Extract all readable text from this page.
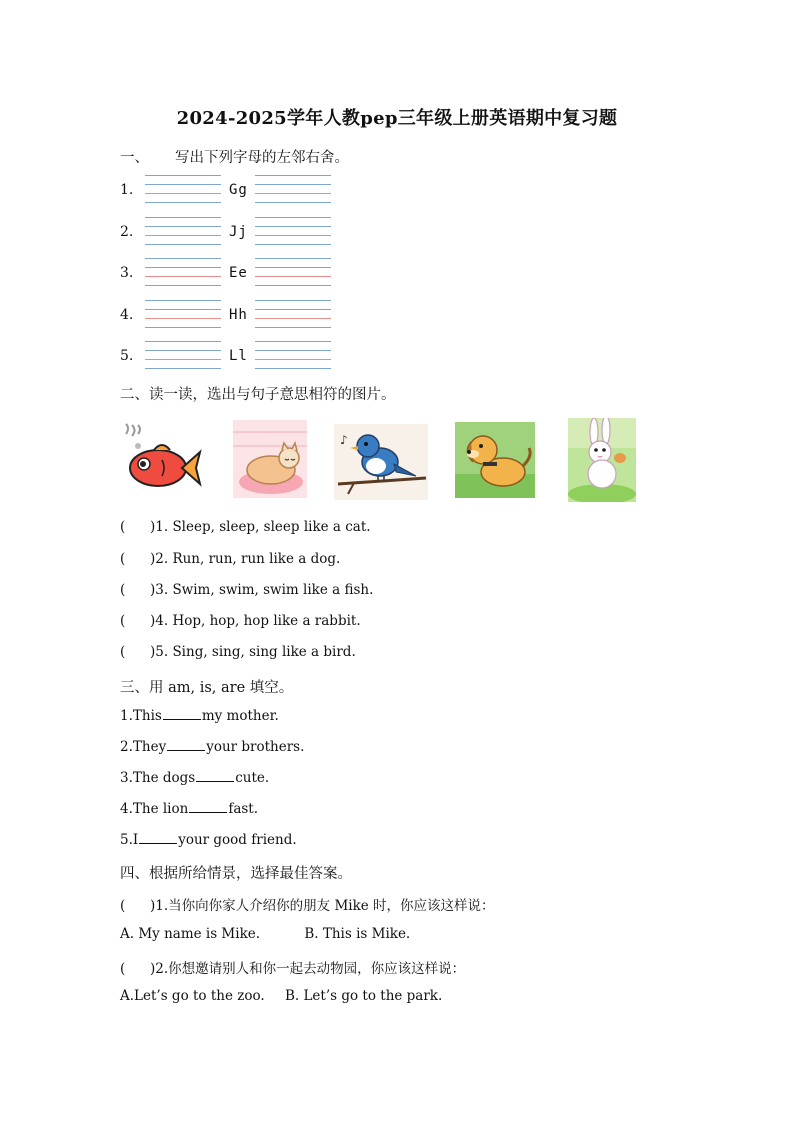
2024-2025学年人教pep三年级上册英语期中复习题
一、 写出下列字母的左邻右舍。
1.	Gg
2.	Jj
3.	Ee
4.	Hh
5.	Ll
二、读一读，选出与句子意思相符的图片。
♪
( )1. Sleep, sleep, sleep like a cat.
( )2. Run, run, run like a dog.
( )3. Swim, swim, swim like a fish.
( )4. Hop, hop, hop like a rabbit.
( )5. Sing, sing, sing like a bird.
三、用 am, is, are 填空。
1.This	my mother.
2.They	your brothers.
3.The dogs	cute.
4.The lion	fast.
5.I	your good friend.
四、根据所给情景，选择最佳答案。
( )1.当你向你家人介绍你的朋友 Mike 时，你应该这样说：
A. My name is Mike.	B. This is Mike.
( )2.你想邀请别人和你一起去动物园，你应该这样说：
A.Let’s go to the zoo. B. Let’s go to the park.
